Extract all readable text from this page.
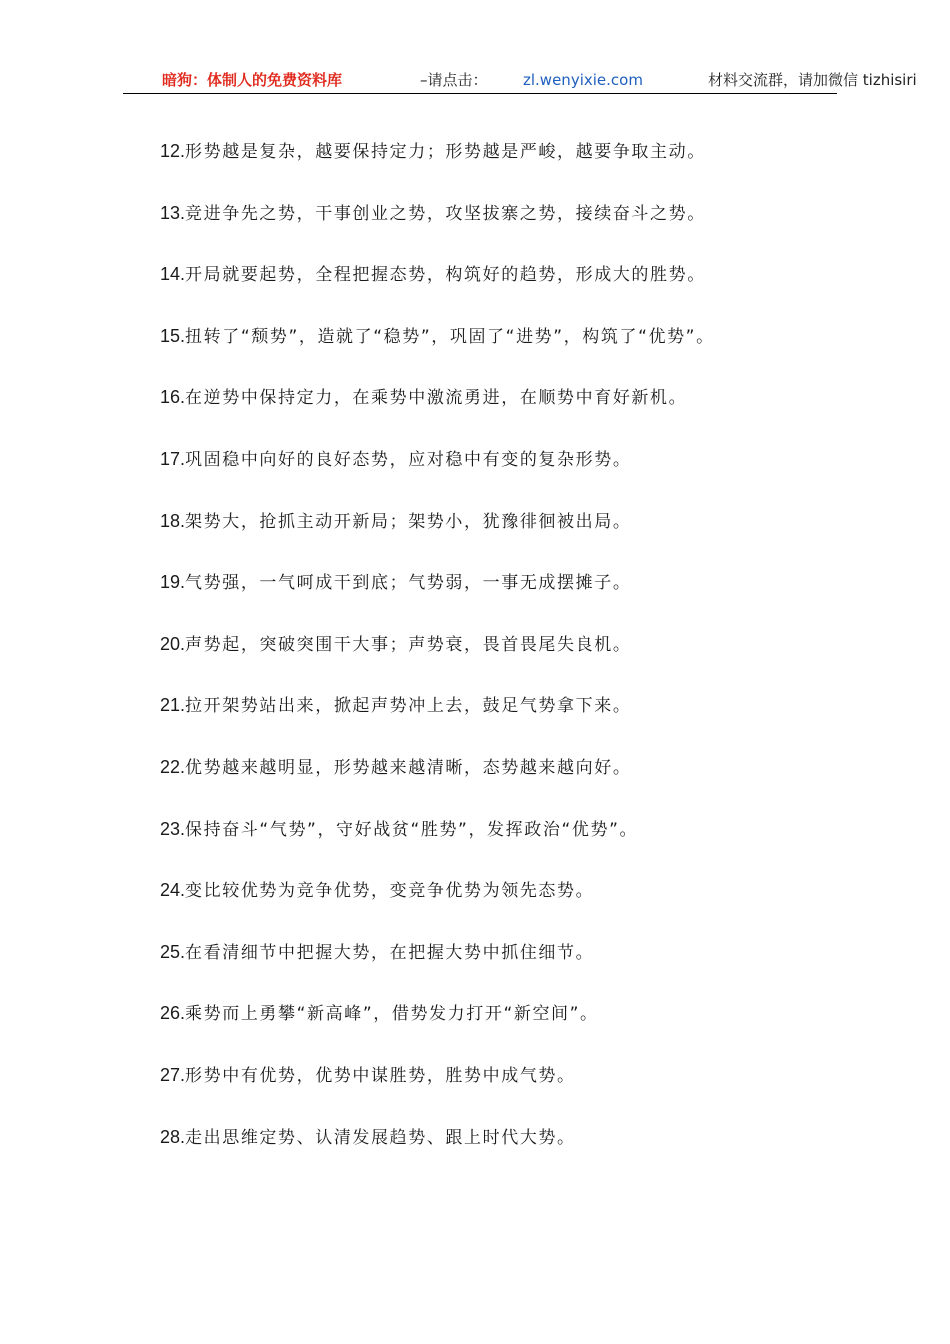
暗狗：体制人的免费资料库	–请点击： zl.wenyixie.com	材料交流群，请加微信 tizhisiri
12.形势越是复杂，越要保持定力；形势越是严峻，越要争取主动。
13.竞进争先之势，干事创业之势，攻坚拔寨之势，接续奋斗之势。
14.开局就要起势，全程把握态势，构筑好的趋势，形成大的胜势。
15.扭转了“颓势”，造就了“稳势”，巩固了“进势”，构筑了“优势”。
16.在逆势中保持定力，在乘势中激流勇进，在顺势中育好新机。
17.巩固稳中向好的良好态势，应对稳中有变的复杂形势。
18.架势大，抢抓主动开新局；架势小，犹豫徘徊被出局。
19.气势强，一气呵成干到底；气势弱，一事无成摆摊子。
20.声势起，突破突围干大事；声势衰，畏首畏尾失良机。
21.拉开架势站出来，掀起声势冲上去，鼓足气势拿下来。
22.优势越来越明显，形势越来越清晰，态势越来越向好。
23.保持奋斗“气势”，守好战贫“胜势”，发挥政治“优势”。
24.变比较优势为竞争优势，变竞争优势为领先态势。
25.在看清细节中把握大势，在把握大势中抓住细节。
26.乘势而上勇攀“新高峰”，借势发力打开“新空间”。
27.形势中有优势，优势中谋胜势，胜势中成气势。
28.走出思维定势、认清发展趋势、跟上时代大势。
